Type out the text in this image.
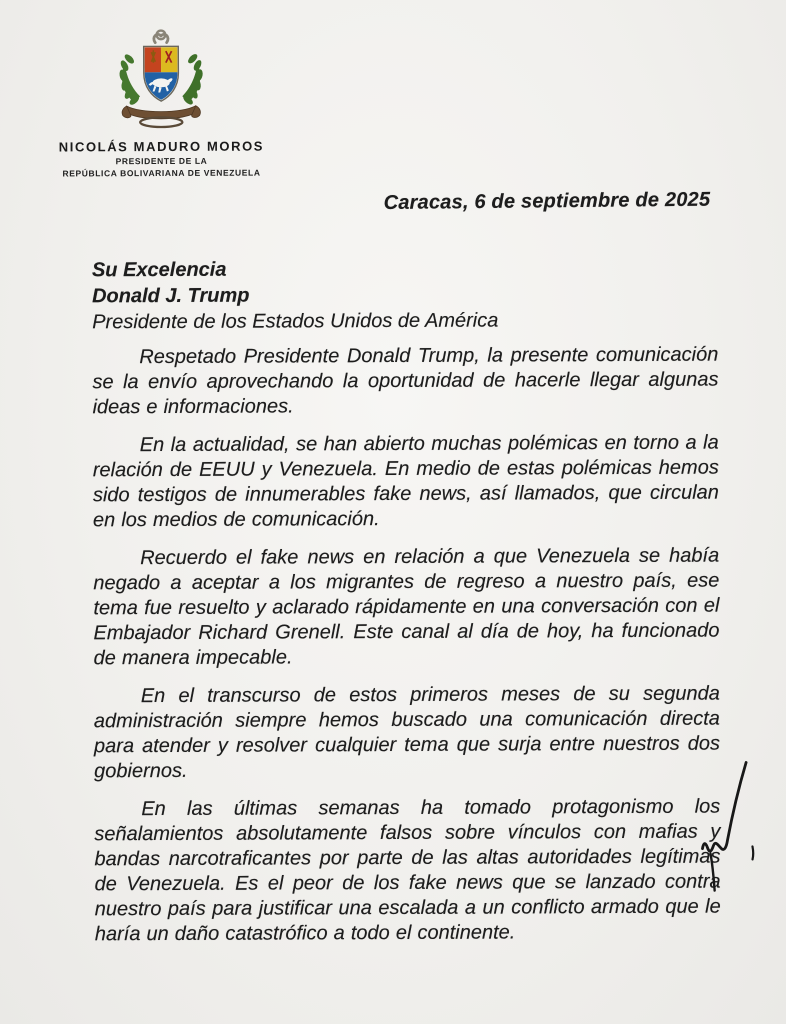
NICOLÁS MADURO MOROS
PRESIDENTE DE LA
REPÚBLICA BOLIVARIANA DE VENEZUELA
Caracas, 6 de septiembre de 2025
Su Excelencia
Donald J. Trump
Presidente de los Estados Unidos de América

Respetado Presidente Donald Trump, la presente comunicación se la envío aprovechando la oportunidad de hacerle llegar algunas ideas e informaciones.

En la actualidad, se han abierto muchas polémicas en torno a la relación de EEUU y Venezuela. En medio de estas polémicas hemos sido testigos de innumerables fake news, así llamados, que circulan en los medios de comunicación.

Recuerdo el fake news en relación a que Venezuela se había negado a aceptar a los migrantes de regreso a nuestro país, ese tema fue resuelto y aclarado rápidamente en una conversación con el Embajador Richard Grenell. Este canal al día de hoy, ha funcionado de manera impecable.

En el transcurso de estos primeros meses de su segunda administración siempre hemos buscado una comunicación directa para atender y resolver cualquier tema que surja entre nuestros dos gobiernos.

En las últimas semanas ha tomado protagonismo los señalamientos absolutamente falsos sobre vínculos con mafias y bandas narcotraficantes por parte de las altas autoridades legítimas de Venezuela. Es el peor de los fake news que se lanzado contra nuestro país para justificar una escalada a un conflicto armado que le haría un daño catastrófico a todo el continente.
